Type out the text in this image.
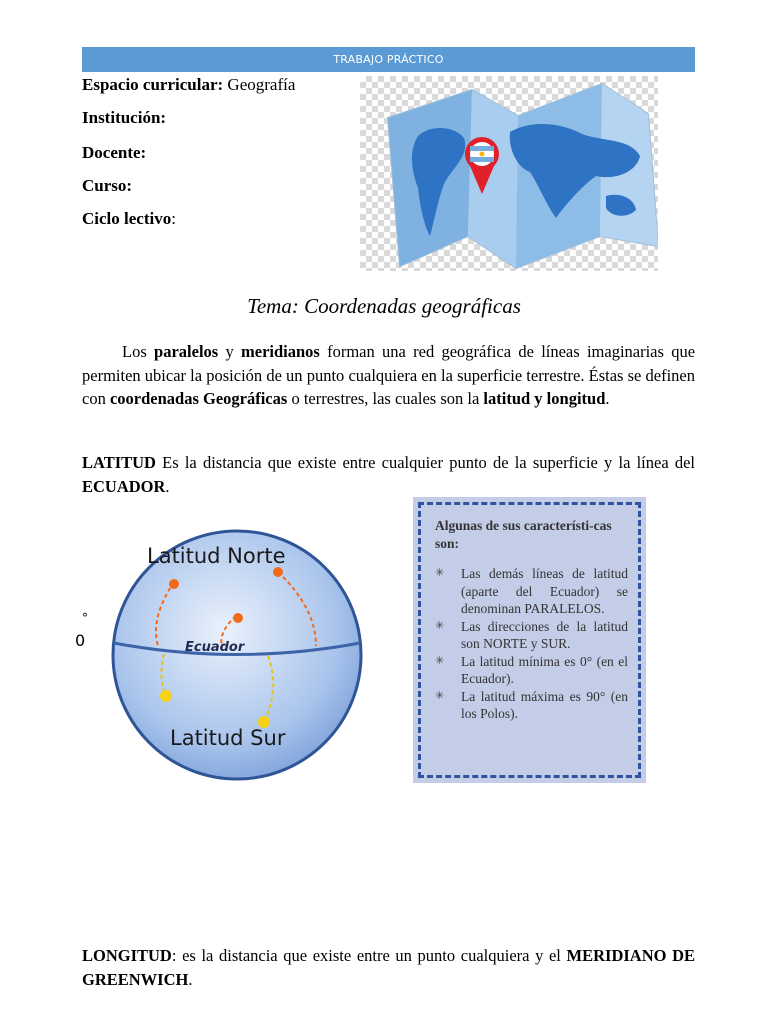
TRABAJO PRÁCTICO
Espacio curricular: Geografía
Institución:
Docente:
Curso:
Ciclo lectivo:
Tema: Coordenadas geográficas
Los paralelos y meridianos forman una red geográfica de líneas imaginarias que permiten ubicar la posición de un punto cualquiera en la superficie terrestre. Éstas se definen con coordenadas Geográficas o terrestres, las cuales son la latitud y longitud.
LATITUD Es la distancia que existe entre cualquier punto de la superficie y la línea del ECUADOR.
Latitud Norte
Latitud Sur
Ecuador
°
0
Algunas de sus característi-cas son:
✳ Las demás líneas de latitud (aparte del Ecuador) se denominan PARALELOS.
✳ Las direcciones de la latitud son NORTE y SUR.
✳ La latitud mínima es 0° (en el Ecuador).
✳ La latitud máxima es 90° (en los Polos).
LONGITUD: es la distancia que existe entre un punto cualquiera y el MERIDIANO DE GREENWICH.
